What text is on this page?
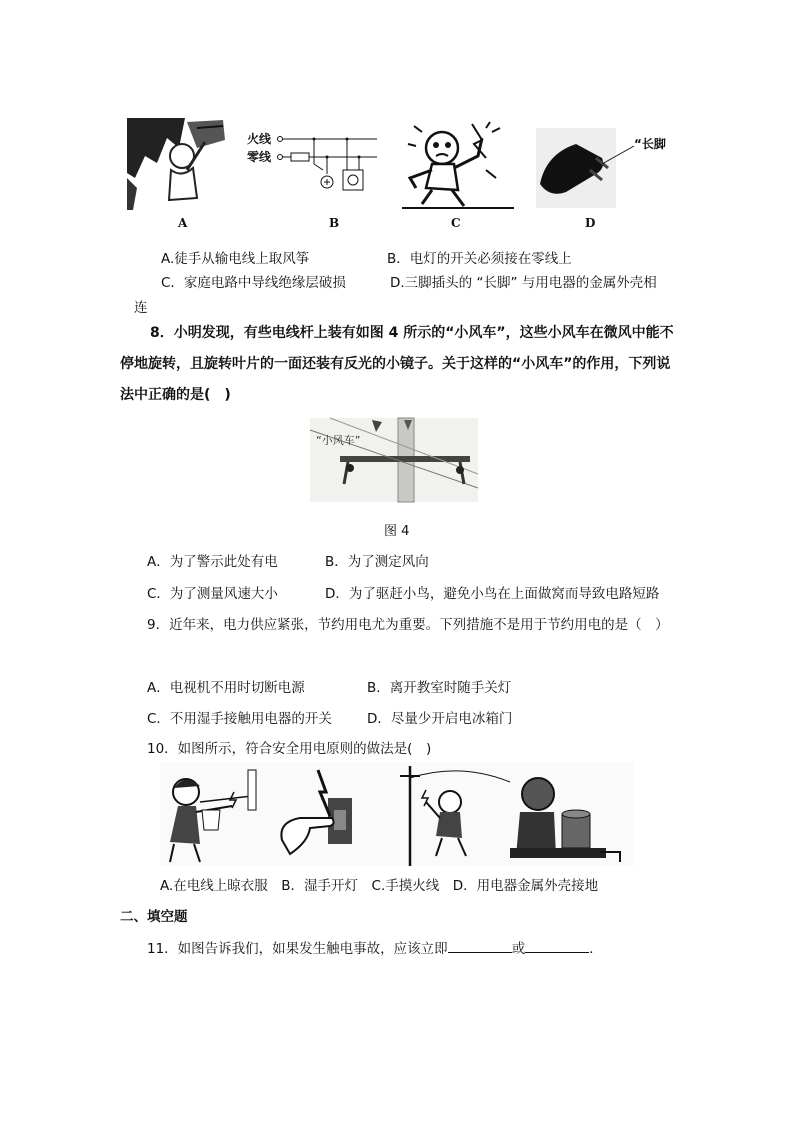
A
火线
零线
B	C
“长脚
D
A.徒手从输电线上取风筝	B．电灯的开关必须接在零线上
C．家庭电路中导线绝缘层破损	D.三脚插头的 “长脚” 与用电器的金属外壳相
连
8．小明发现，有些电线杆上装有如图 4 所示的“小风车”，这些小风车在微风中能不
停地旋转，且旋转叶片的一面还装有反光的小镜子。关于这样的“小风车”的作用，下列说
法中正确的是(　)
“小风车”
图 4
A．为了警示此处有电	B．为了测定风向
C．为了测量风速大小	D．为了驱赶小鸟，避免小鸟在上面做窝而导致电路短路
9．近年来，电力供应紧张，节约用电尤为重要。下列措施不是用于节约用电的是（　）
A．电视机不用时切断电源	B．离开教室时随手关灯
C．不用湿手接触用电器的开关	D．尽量少开启电冰箱门
10．如图所示，符合安全用电原则的做法是(　)
A.在电线上晾衣服　B．湿手开灯　C.手摸火线　D．用电器金属外壳接地
二、填空题
11．如图告诉我们，如果发生触电事故，应该立即	或	．
